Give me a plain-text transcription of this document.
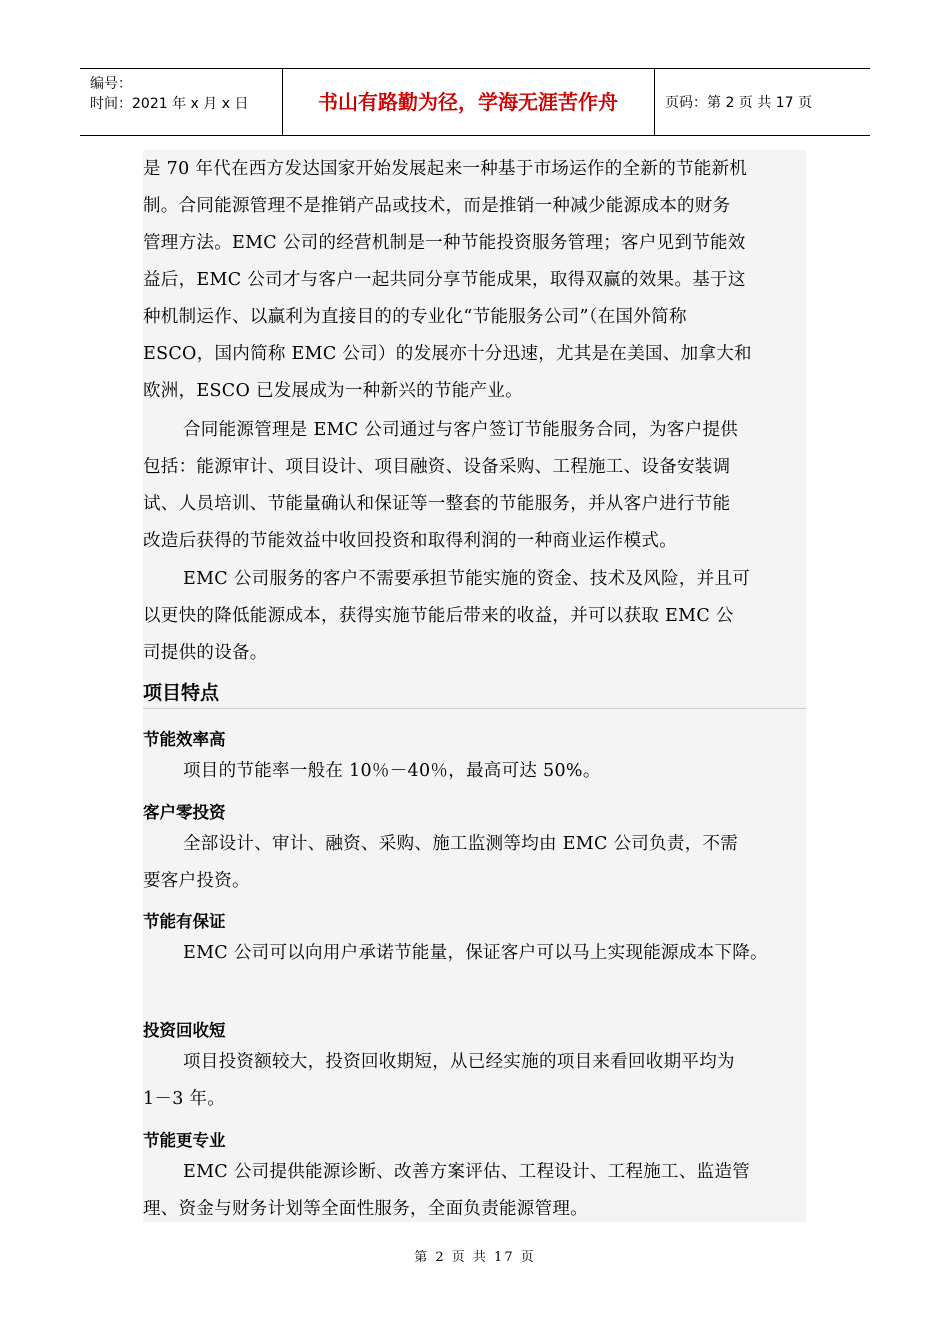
编号：
时间：2021 年 x 月 x 日	书山有路勤为径，学海无涯苦作舟	页码：第 2 页 共 17 页
是 70 年代在西方发达国家开始发展起来一种基于市场运作的全新的节能新机
制。合同能源管理不是推销产品或技术，而是推销一种减少能源成本的财务
管理方法。EMC 公司的经营机制是一种节能投资服务管理；客户见到节能效
益后，EMC 公司才与客户一起共同分享节能成果，取得双赢的效果。基于这
种机制运作、以赢利为直接目的的专业化“节能服务公司”（在国外简称
ESCO，国内简称 EMC 公司）的发展亦十分迅速，尤其是在美国、加拿大和
欧洲，ESCO 已发展成为一种新兴的节能产业。
合同能源管理是 EMC 公司通过与客户签订节能服务合同，为客户提供
包括：能源审计、项目设计、项目融资、设备采购、工程施工、设备安装调
试、人员培训、节能量确认和保证等一整套的节能服务，并从客户进行节能
改造后获得的节能效益中收回投资和取得利润的一种商业运作模式。
EMC 公司服务的客户不需要承担节能实施的资金、技术及风险，并且可
以更快的降低能源成本，获得实施节能后带来的收益，并可以获取 EMC 公
司提供的设备。
项目特点
节能效率高
项目的节能率一般在 10％－40％，最高可达 50%。
客户零投资
全部设计、审计、融资、采购、施工监测等均由 EMC 公司负责，不需
要客户投资。
节能有保证
EMC 公司可以向用户承诺节能量，保证客户可以马上实现能源成本下降。
投资回收短
项目投资额较大，投资回收期短，从已经实施的项目来看回收期平均为
1－3 年。
节能更专业
EMC 公司提供能源诊断、改善方案评估、工程设计、工程施工、监造管
理、资金与财务计划等全面性服务，全面负责能源管理。
第 2 页 共 17 页
